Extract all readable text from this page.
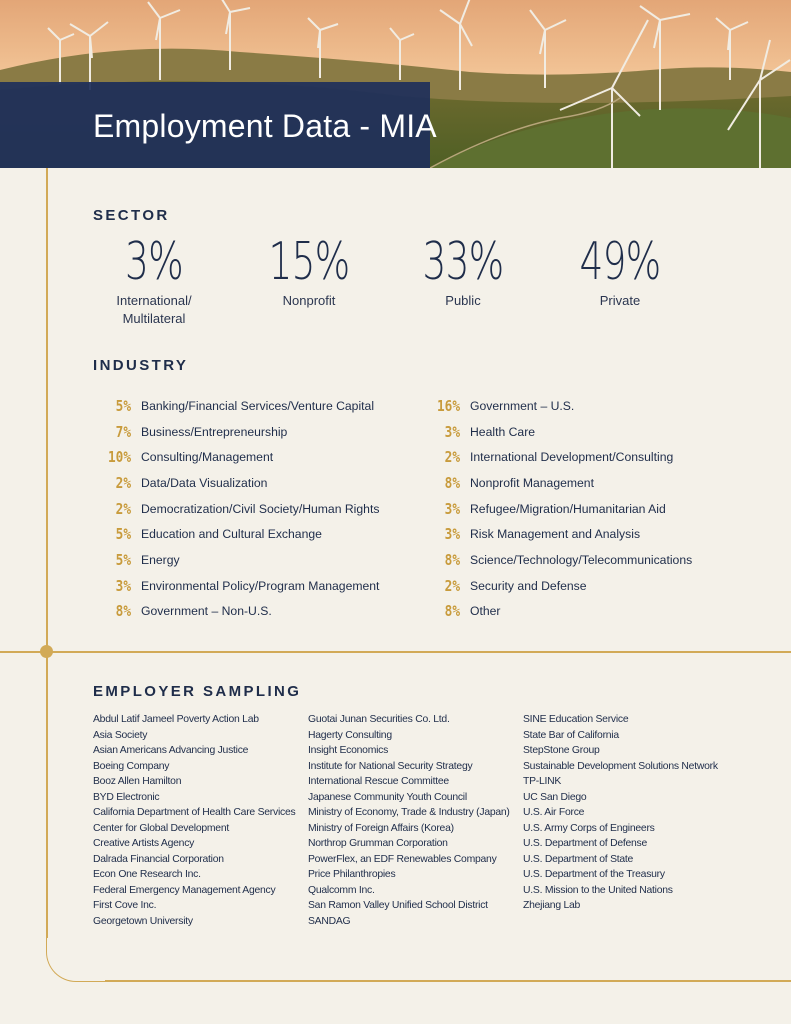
Employment Data - MIA
SECTOR
3%
International/
Multilateral
15%
Nonprofit
33%
Public
49%
Private
INDUSTRY
5% Banking/Financial Services/Venture Capital
7% Business/Entrepreneurship
10% Consulting/Management
2% Data/Data Visualization
2% Democratization/Civil Society/Human Rights
5% Education and Cultural Exchange
5% Energy
3% Environmental Policy/Program Management
8% Government – Non-U.S.
16% Government – U.S.
3% Health Care
2% International Development/Consulting
8% Nonprofit Management
3% Refugee/Migration/Humanitarian Aid
3% Risk Management and Analysis
8% Science/Technology/Telecommunications
2% Security and Defense
8% Other
EMPLOYER SAMPLING
Abdul Latif Jameel Poverty Action Lab
Asia Society
Asian Americans Advancing Justice
Boeing Company
Booz Allen Hamilton
BYD Electronic
California Department of Health Care Services
Center for Global Development
Creative Artists Agency
Dalrada Financial Corporation
Econ One Research Inc.
Federal Emergency Management Agency
First Cove Inc.
Georgetown University
Guotai Junan Securities Co. Ltd.
Hagerty Consulting
Insight Economics
Institute for National Security Strategy
International Rescue Committee
Japanese Community Youth Council
Ministry of Economy, Trade & Industry (Japan)
Ministry of Foreign Affairs (Korea)
Northrop Grumman Corporation
PowerFlex, an EDF Renewables Company
Price Philanthropies
Qualcomm Inc.
San Ramon Valley Unified School District
SANDAG
SINE Education Service
State Bar of California
StepStone Group
Sustainable Development Solutions Network
TP-LINK
UC San Diego
U.S. Air Force
U.S. Army Corps of Engineers
U.S. Department of Defense
U.S. Department of State
U.S. Department of the Treasury
U.S. Mission to the United Nations
Zhejiang Lab
